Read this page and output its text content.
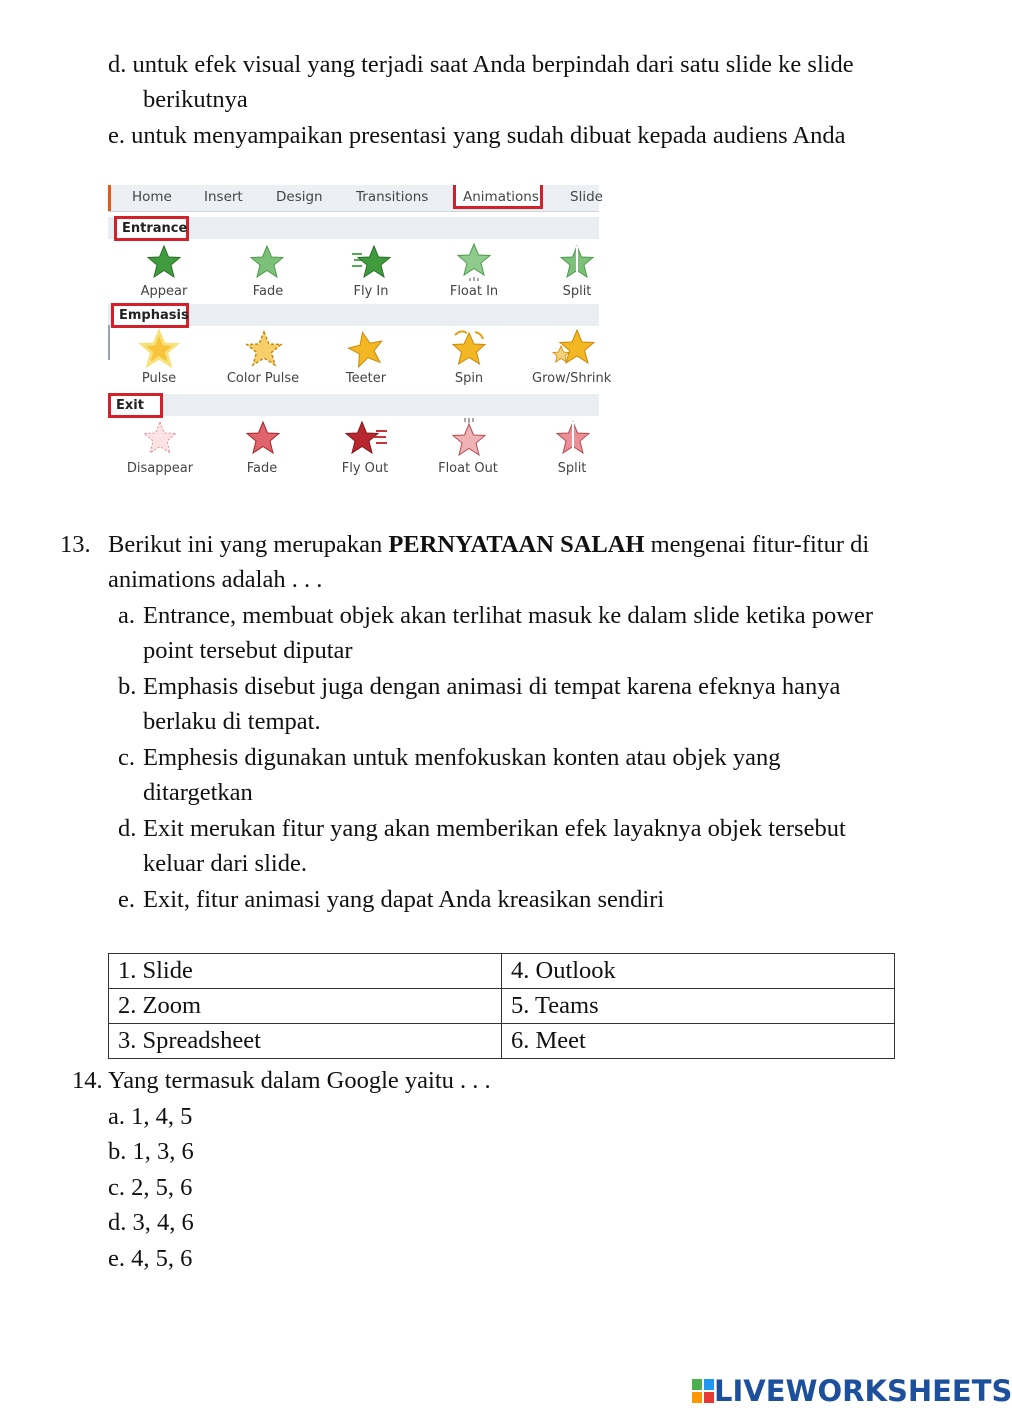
d. untuk efek visual yang terjadi saat Anda berpindah dari satu slide ke slide
berikutnya
e. untuk menyampaikan presentasi yang sudah dibuat kepada audiens Anda
Home Insert Design Transitions	Animations Slide
Entrance
Emphasis
Exit
Appear	Fade	Fly In	Float In	Split
Pulse	Color Pulse	Teeter	Spin	Grow/Shrink
Disappear	Fade	Fly Out	Float Out	Split
13. Berikut ini yang merupakan PERNYATAAN SALAH mengenai fitur-fitur di
animations adalah . . .
a. Entrance, membuat objek akan terlihat masuk ke dalam slide ketika power
point tersebut diputar
b. Emphasis disebut juga dengan animasi di tempat karena efeknya hanya
berlaku di tempat.
c. Emphesis digunakan untuk menfokuskan konten atau objek yang
ditargetkan
d. Exit merukan fitur yang akan memberikan efek layaknya objek tersebut
keluar dari slide.
e. Exit, fitur animasi yang dapat Anda kreasikan sendiri
1. Slide	4. Outlook
2. Zoom	5. Teams
3. Spreadsheet	6. Meet
14. Yang termasuk dalam Google yaitu . . .
a. 1, 4, 5
b. 1, 3, 6
c. 2, 5, 6
d. 3, 4, 6
e. 4, 5, 6
LIVEWORKSHEETS
